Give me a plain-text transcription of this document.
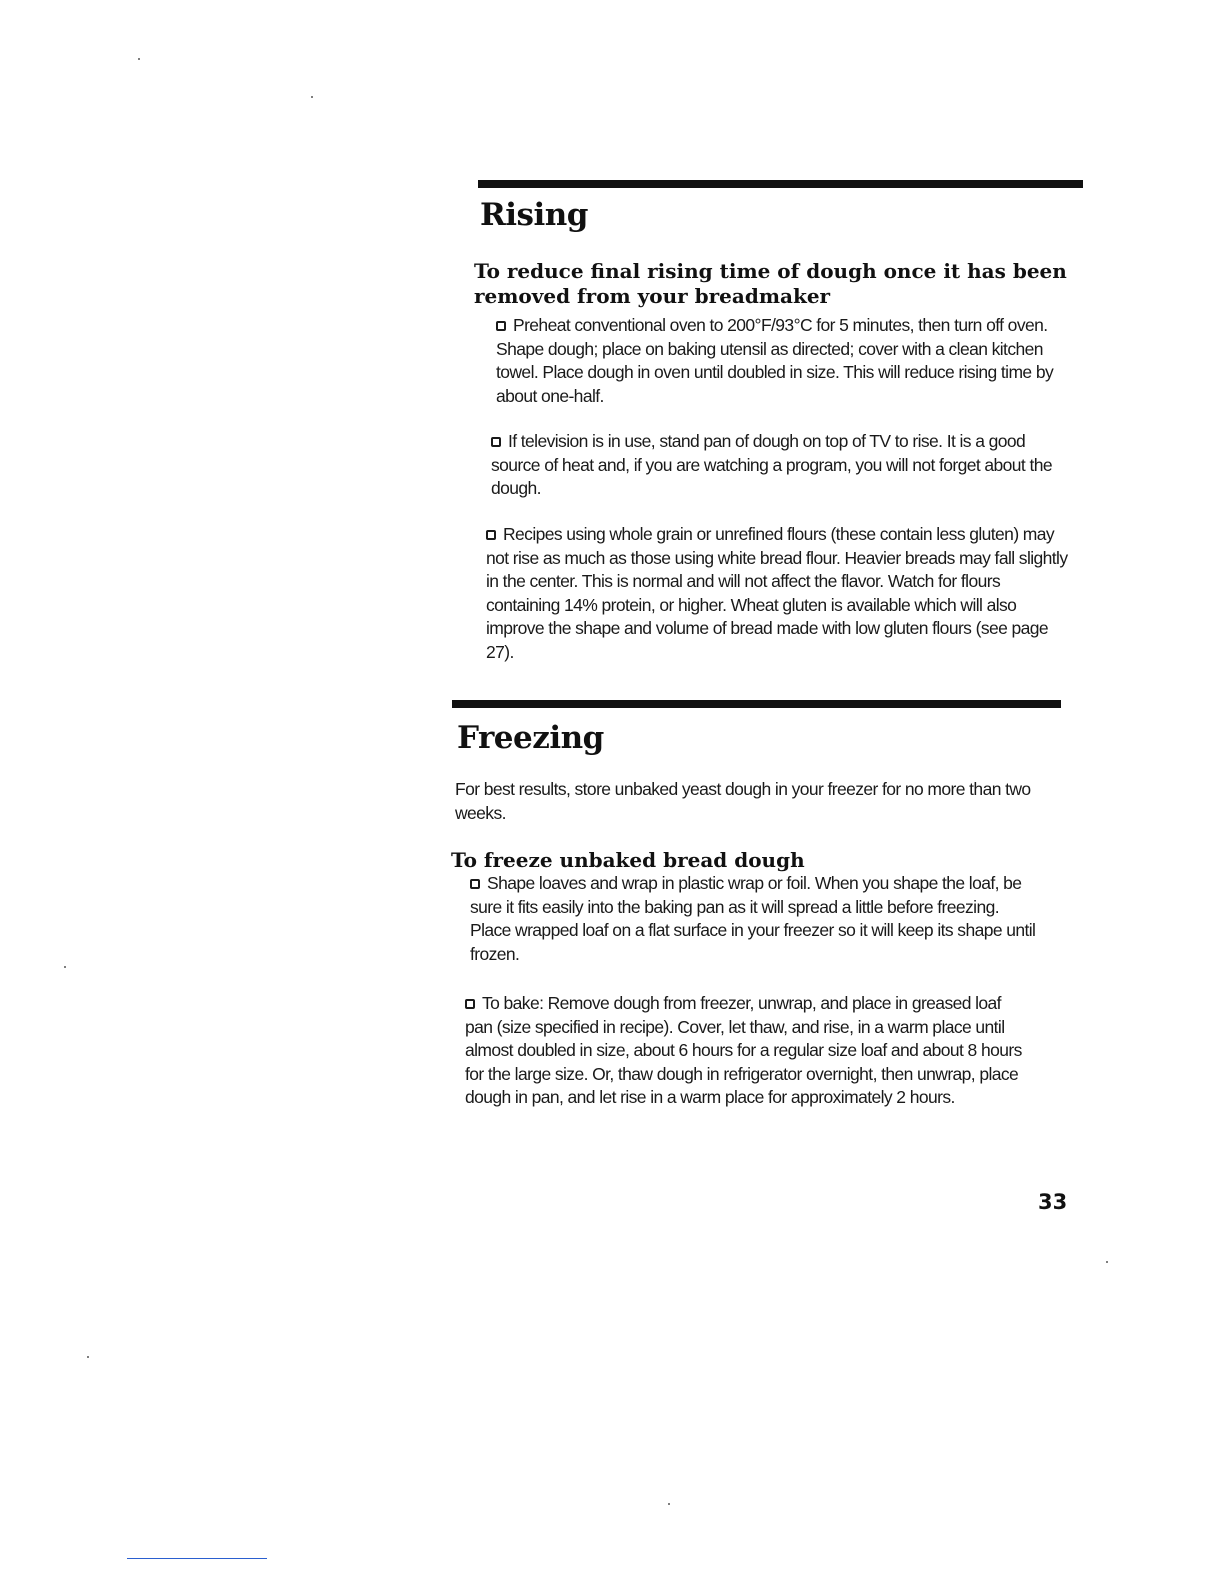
Rising
To reduce final rising time of dough once it has been removed from your breadmaker

Preheat conventional oven to 200°F/93°C for 5 minutes, then turn off oven. Shape dough; place on baking utensil as directed; cover with a clean kitchen towel. Place dough in oven until doubled in size. This will reduce rising time by about one-half.

If television is in use, stand pan of dough on top of TV to rise. It is a good source of heat and, if you are watching a program, you will not forget about the dough.

Recipes using whole grain or unrefined flours (these contain less gluten) may not rise as much as those using white bread flour. Heavier breads may fall slightly in the center. This is normal and will not affect the flavor. Watch for flours containing 14% protein, or higher. Wheat gluten is available which will also improve the shape and volume of bread made with low gluten flours (see page 27).

Freezing

For best results, store unbaked yeast dough in your freezer for no more than two weeks.

To freeze unbaked bread dough

Shape loaves and wrap in plastic wrap or foil. When you shape the loaf, be sure it fits easily into the baking pan as it will spread a little before freezing. Place wrapped loaf on a flat surface in your freezer so it will keep its shape until frozen.

To bake: Remove dough from freezer, unwrap, and place in greased loaf pan (size specified in recipe). Cover, let thaw, and rise, in a warm place until almost doubled in size, about 6 hours for a regular size loaf and about 8 hours for the large size. Or, thaw dough in refrigerator overnight, then unwrap, place dough in pan, and let rise in a warm place for approximately 2 hours.

33
